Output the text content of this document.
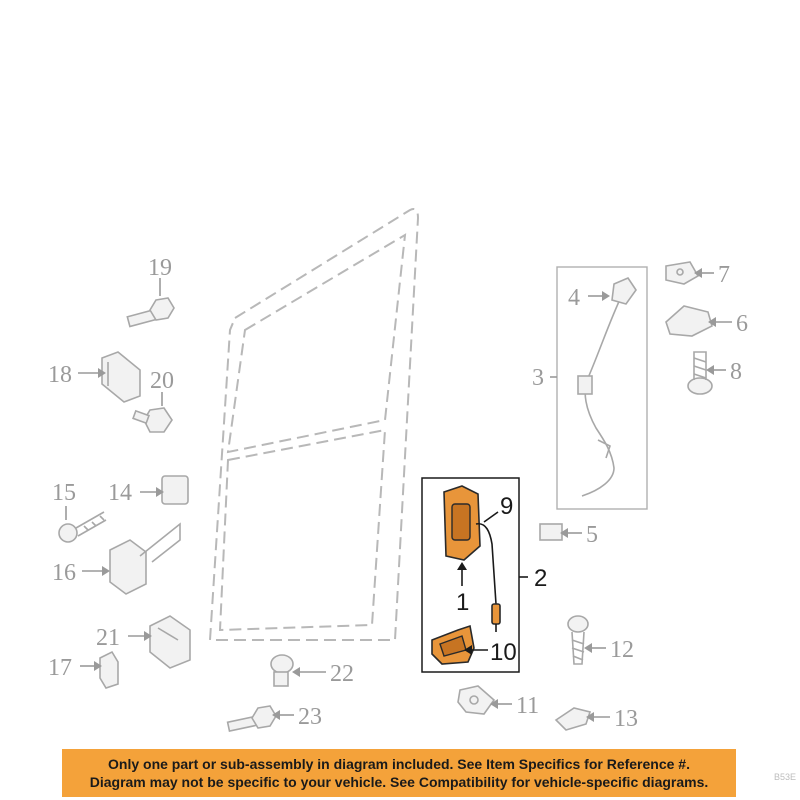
19
18	20
14
15
16
21
17	22
23
4
3
7
6
8
5
12
11	13
1
2
9
10
Only one part or sub-assembly in diagram included. See Item Specifics for Reference #.
Diagram may not be specific to your vehicle. See Compatibility for vehicle-specific diagrams.	B53E
